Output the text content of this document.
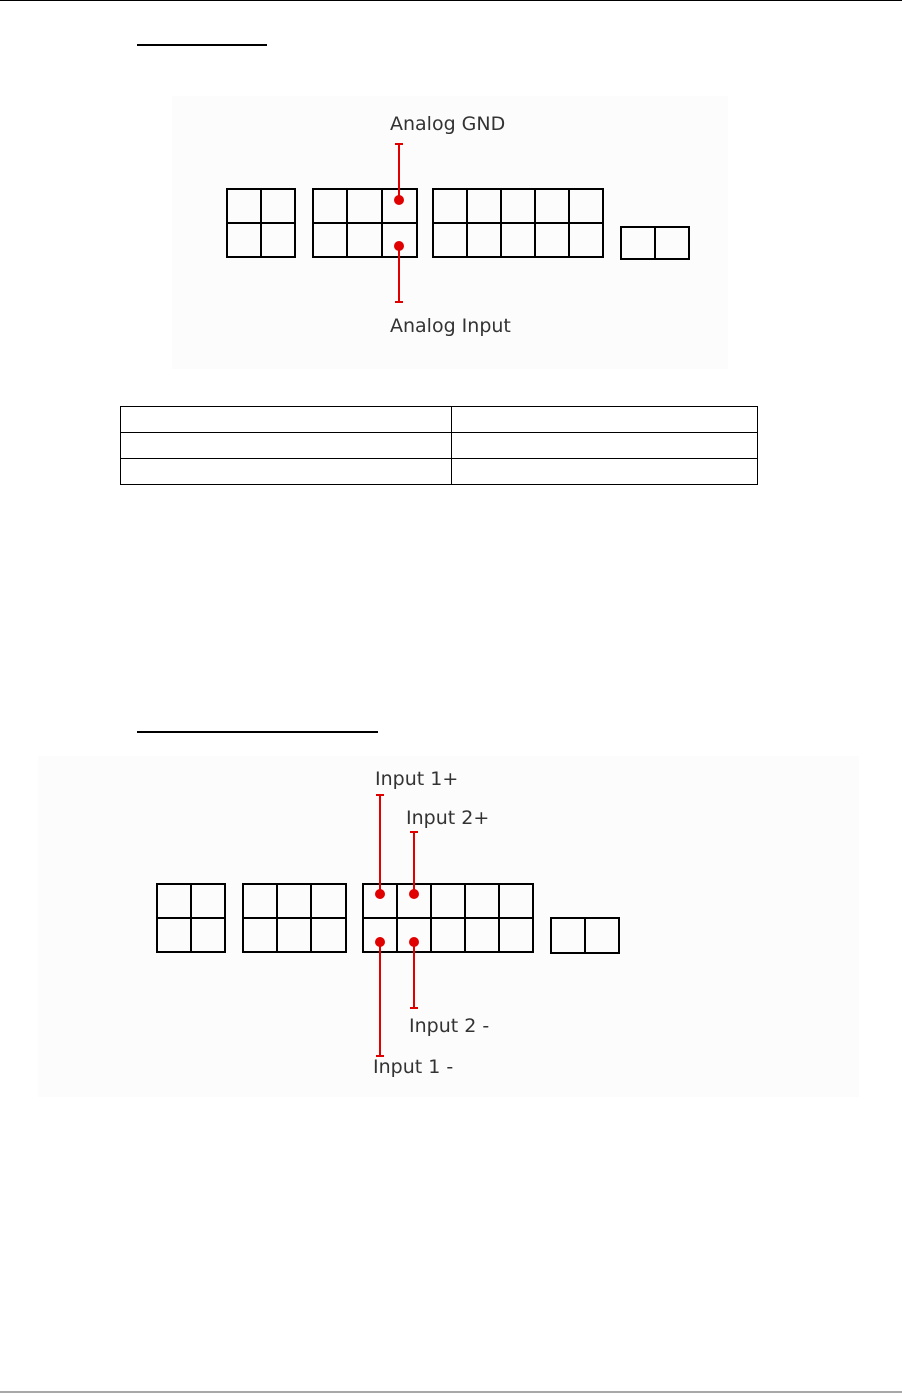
Analog GND
Analog Input

Input 1+
Input 2+
Input 2 -
Input 1 -
